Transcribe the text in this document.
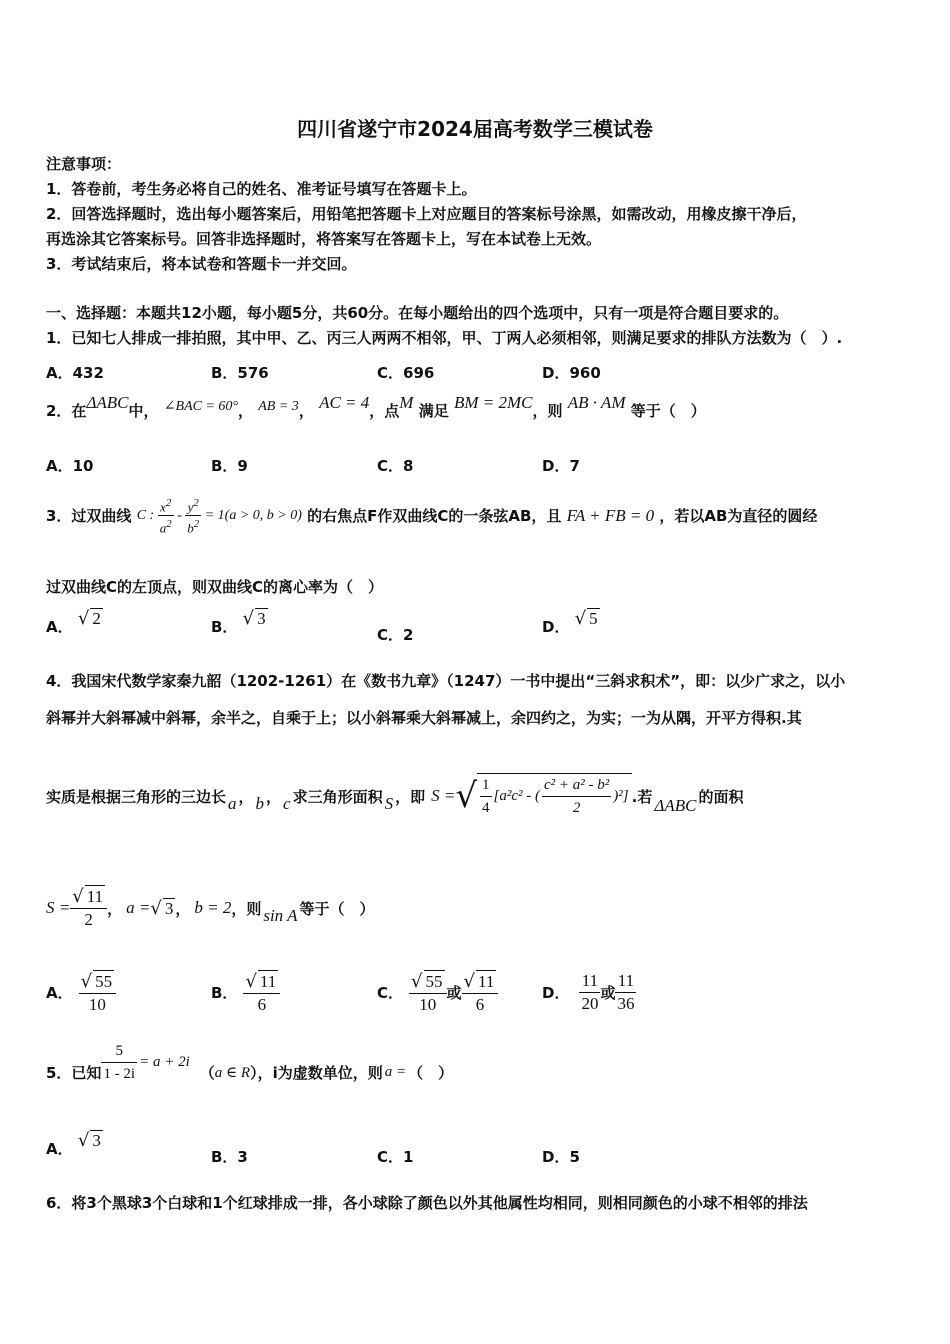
四川省遂宁市2024届高考数学三模试卷
注意事项：
1．答卷前，考生务必将自己的姓名、准考证号填写在答题卡上。
2．回答选择题时，选出每小题答案后，用铅笔把答题卡上对应题目的答案标号涂黑，如需改动，用橡皮擦干净后，
再选涂其它答案标号。回答非选择题时，将答案写在答题卡上，写在本试卷上无效。
3．考试结束后，将本试卷和答题卡一并交回。
一、选择题：本题共12小题，每小题5分，共60分。在每小题给出的四个选项中，只有一项是符合题目要求的。
1．已知七人排成一排拍照，其中甲、乙、丙三人两两不相邻，甲、丁两人必须相邻，则满足要求的排队方法数为（　）.
A．432	B．576	C．696	D．960
2．在ΔABC中， ∠BAC = 60°， AB = 3， AC = 4，点M 满足 BM = 2MC，则 AB · AM 等于（　）
A．10	B．9	C．8	D．7
3．过双曲线 C : $\frac{x^2}{a^2} - \frac{y^2}{b^2} = 1(a > 0$, b > 0) 的右焦点F作双曲线C的一条弦AB，且 FA + FB = 0 ，若以AB为直径的圆经
过双曲线C的左顶点，则双曲线C的离心率为（　）
A． √ 2	B． √ 3
C．2	D． √ 5
4．我国宋代数学家秦九韶（1202-1261）在《数书九章》（1247）一书中提出“三斜求积术”，即：以少广求之，以小
斜幂并大斜幂减中斜幂，余半之，自乘于上；以小斜幂乘大斜幂减上，余四约之，为实；一为从隅，开平方得积.其
实质是根据三角形的三边长 a ， b ， c 求三角形面积 S ，即 S = √ $\frac{1}{4} [a^2c^2$ - ( $\frac{\text{c² + a² - b²}}{2} )^2$] .若 ΔABC 的面积
$S = \frac{√ 11}{2}$ ， a = √ 3 ， b = 2 ，则 sin A 等于（　）
A． $\frac{√ 55}{10}$	B． $\frac{√ 11}{6}$	C． $\frac{√ 55}{10}$ 或 $\frac{√ 11}{6}$	D． $\frac{11}{20}$ 或 $\frac{11}{36}$
5．已知 $\frac{5}{1 - 2i} = a + 2i$
（ a ∈ R ），i为虚数单位，则 a = （　）
A． √ 3
B．3	C．1	D．5
6．将3个黑球3个白球和1个红球排成一排，各小球除了颜色以外其他属性均相同，则相同颜色的小球不相邻的排法
